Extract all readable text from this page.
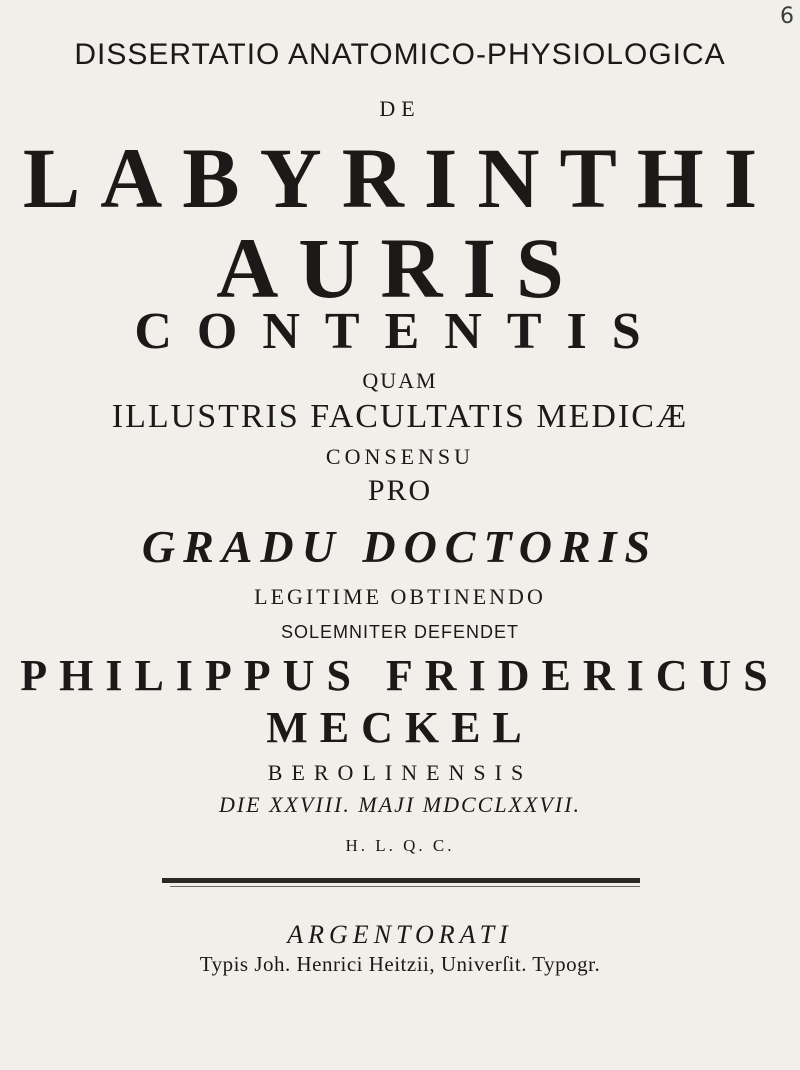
6
DISSERTATIO ANATOMICO-PHYSIOLOGICA
DE
LABYRINTHI
AURIS
CONTENTIS
QUAM
ILLUSTRIS FACULTATIS MEDICÆ
CONSENSU
PRO
GRADU DOCTORIS
LEGITIME OBTINENDO
SOLEMNITER DEFENDET
PHILIPPUS FRIDERICUS
MECKEL
BEROLINENSIS
DIE XXVIII. MAJI MDCCLXXVII.
H. L. Q. C.
ARGENTORATI
Typis Joh. Henrici Heitzii, Univerſit. Typogr.
